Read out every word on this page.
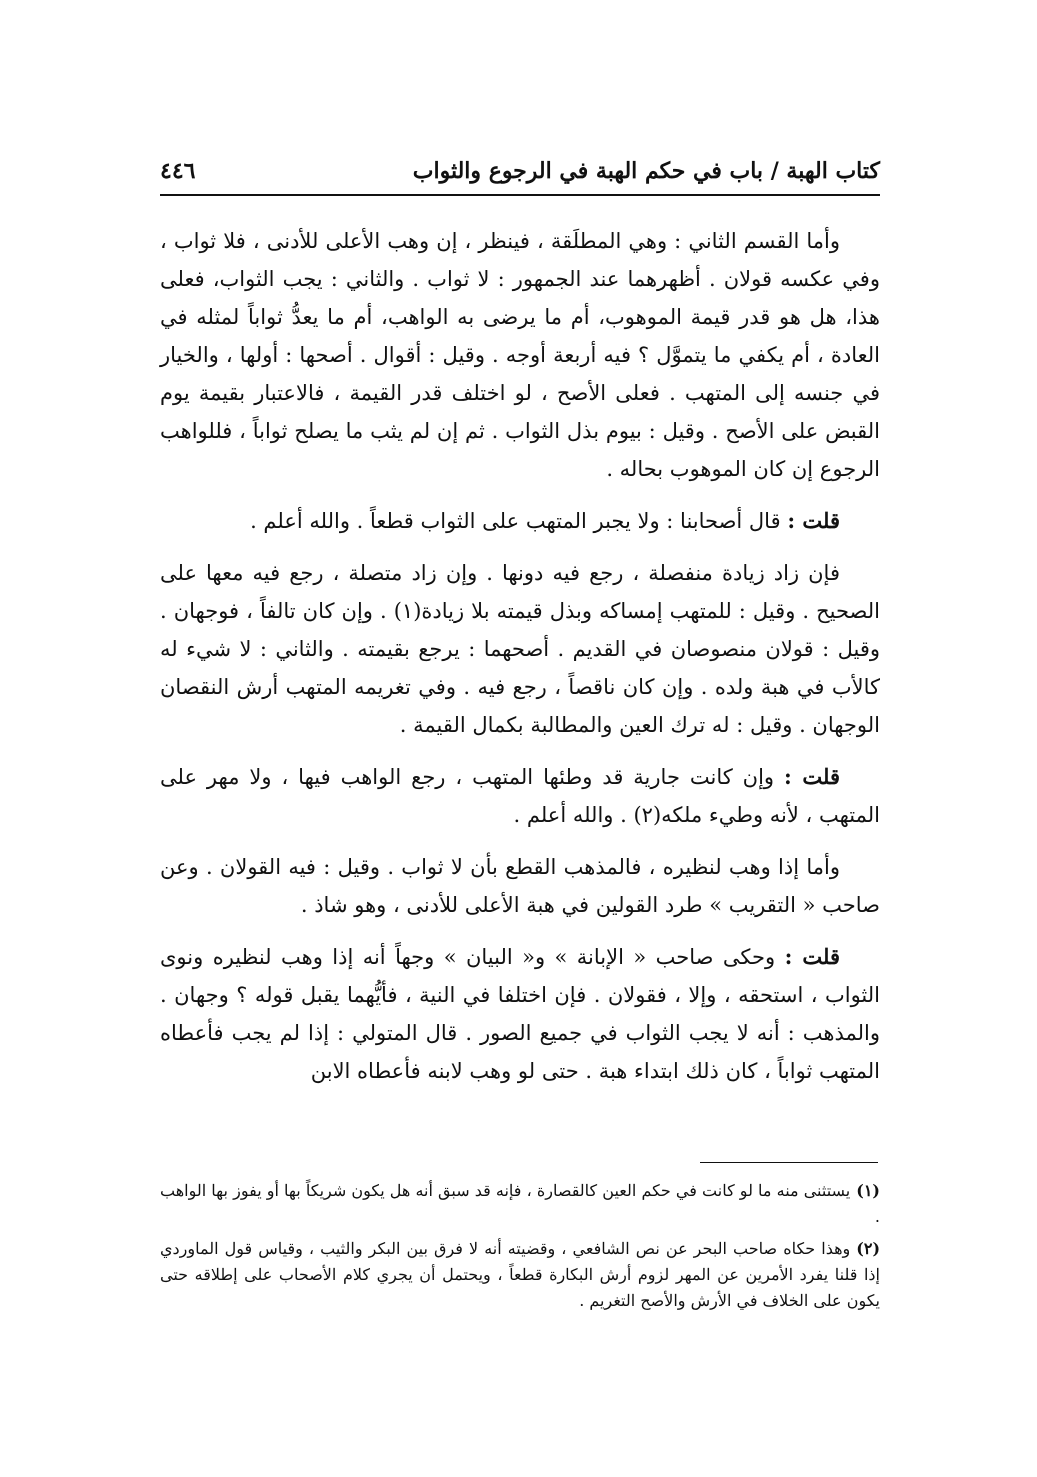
كتاب الهبة / باب في حكم الهبة في الرجوع والثواب
٤٤٦

وأما القسم الثاني : وهي المطلَقة ، فينظر ، إن وهب الأعلى للأدنى ، فلا ثواب ، وفي عكسه قولان . أظهرهما عند الجمهور : لا ثواب . والثاني : يجب الثواب، فعلى هذا، هل هو قدر قيمة الموهوب، أم ما يرضى به الواهب، أم ما يعدُّ ثواباً لمثله في العادة ، أم يكفي ما يتموَّل ؟ فيه أربعة أوجه . وقيل : أقوال . أصحها : أولها ، والخيار في جنسه إلى المتهب . فعلى الأصح ، لو اختلف قدر القيمة ، فالاعتبار بقيمة يوم القبض على الأصح . وقيل : بيوم بذل الثواب . ثم إن لم يثب ما يصلح ثواباً ، فللواهب الرجوع إن كان الموهوب بحاله .

قلت : قال أصحابنا : ولا يجبر المتهب على الثواب قطعاً . والله أعلم .

فإن زاد زيادة منفصلة ، رجع فيه دونها . وإن زاد متصلة ، رجع فيه معها على الصحيح . وقيل : للمتهب إمساكه وبذل قيمته بلا زيادة(١) . وإن كان تالفاً ، فوجهان . وقيل : قولان منصوصان في القديم . أصحهما : يرجع بقيمته . والثاني : لا شيء له كالأب في هبة ولده . وإن كان ناقصاً ، رجع فيه . وفي تغريمه المتهب أرش النقصان الوجهان . وقيل : له ترك العين والمطالبة بكمال القيمة .

قلت : وإن كانت جارية قد وطئها المتهب ، رجع الواهب فيها ، ولا مهر على المتهب ، لأنه وطيء ملكه(٢) . والله أعلم .

وأما إذا وهب لنظيره ، فالمذهب القطع بأن لا ثواب . وقيل : فيه القولان . وعن صاحب « التقريب » طرد القولين في هبة الأعلى للأدنى ، وهو شاذ .

قلت : وحكى صاحب « الإبانة » و« البيان » وجهاً أنه إذا وهب لنظيره ونوى الثواب ، استحقه ، وإلا ، فقولان . فإن اختلفا في النية ، فأيُّهما يقبل قوله ؟ وجهان . والمذهب : أنه لا يجب الثواب في جميع الصور . قال المتولي : إذا لم يجب فأعطاه المتهب ثواباً ، كان ذلك ابتداء هبة . حتى لو وهب لابنه فأعطاه الابن

(١)يستثنى منه ما لو كانت في حكم العين كالقصارة ، فإنه قد سبق أنه هل يكون شريكاً بها أو يفوز بها الواهب .

(٢)وهذا حكاه صاحب البحر عن نص الشافعي ، وقضيته أنه لا فرق بين البكر والثيب ، وقياس قول الماوردي إذا قلنا يفرد الأمرين عن المهر لزوم أرش البكارة قطعاً ، ويحتمل أن يجري كلام الأصحاب على إطلاقه حتى يكون على الخلاف في الأرش والأصح التغريم .
